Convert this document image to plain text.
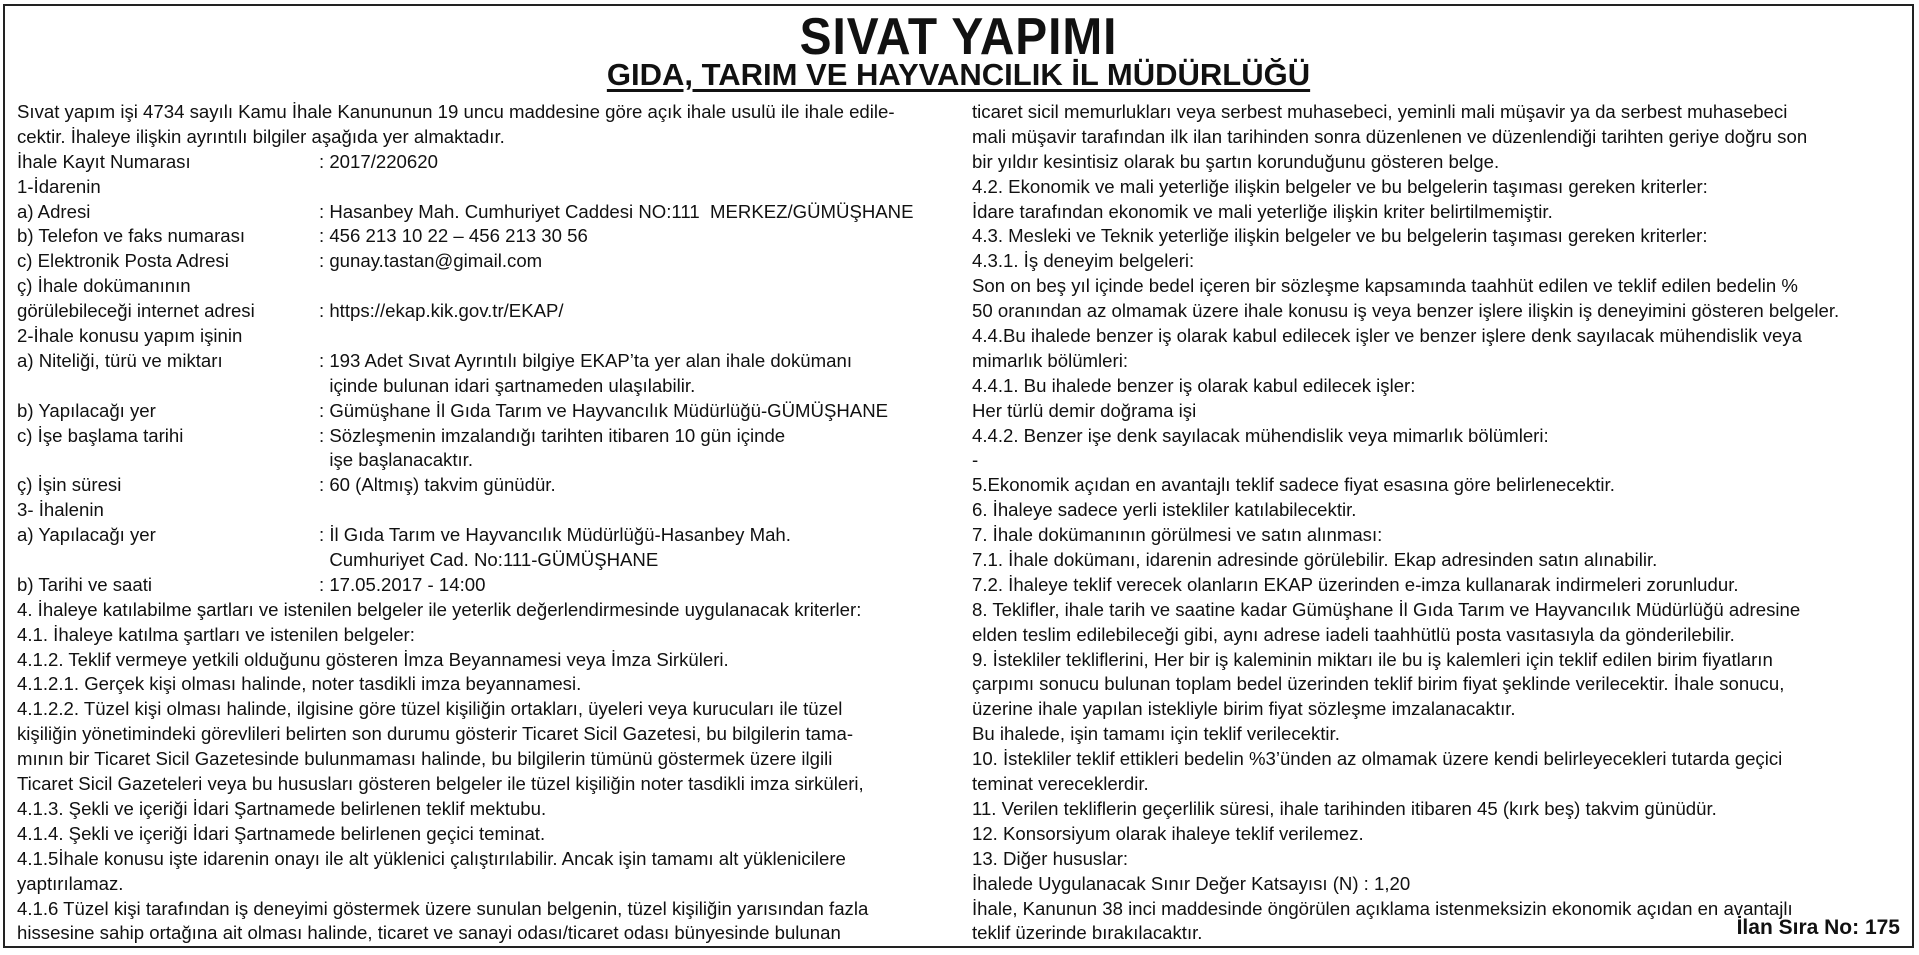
SIVAT YAPIMI
GIDA, TARIM VE HAYVANCILIK İL MÜDÜRLÜĞÜ
Sıvat yapım işi 4734 sayılı Kamu İhale Kanununun 19 uncu maddesine göre açık ihale usulü ile ihale edile-
cektir. İhaleye ilişkin ayrıntılı bilgiler aşağıda yer almaktadır.
İhale Kayıt Numarası	: 2017/220620
1-İdarenin
a) Adresi	: Hasanbey Mah. Cumhuriyet Caddesi NO:111  MERKEZ/GÜMÜŞHANE
b) Telefon ve faks numarası	: 456 213 10 22 – 456 213 30 56
c) Elektronik Posta Adresi	: gunay.tastan@gimail.com
ç) İhale dokümanının
görülebileceği internet adresi	: https://ekap.kik.gov.tr/EKAP/
2-İhale konusu yapım işinin
a) Niteliği, türü ve miktarı	: 193 Adet Sıvat Ayrıntılı bilgiye EKAP’ta yer alan ihale dokümanı
içinde bulunan idari şartnameden ulaşılabilir.
b) Yapılacağı yer	: Gümüşhane İl Gıda Tarım ve Hayvancılık Müdürlüğü-GÜMÜŞHANE
c) İşe başlama tarihi	: Sözleşmenin imzalandığı tarihten itibaren 10 gün içinde
işe başlanacaktır.
ç) İşin süresi	: 60 (Altmış) takvim günüdür.
3- İhalenin
a) Yapılacağı yer	: İl Gıda Tarım ve Hayvancılık Müdürlüğü-Hasanbey Mah.
Cumhuriyet Cad. No:111-GÜMÜŞHANE
b) Tarihi ve saati	: 17.05.2017 - 14:00
4. İhaleye katılabilme şartları ve istenilen belgeler ile yeterlik değerlendirmesinde uygulanacak kriterler:
4.1. İhaleye katılma şartları ve istenilen belgeler:
4.1.2. Teklif vermeye yetkili olduğunu gösteren İmza Beyannamesi veya İmza Sirküleri.
4.1.2.1. Gerçek kişi olması halinde, noter tasdikli imza beyannamesi.
4.1.2.2. Tüzel kişi olması halinde, ilgisine göre tüzel kişiliğin ortakları, üyeleri veya kurucuları ile tüzel
kişiliğin yönetimindeki görevlileri belirten son durumu gösterir Ticaret Sicil Gazetesi, bu bilgilerin tama-
mının bir Ticaret Sicil Gazetesinde bulunmaması halinde, bu bilgilerin tümünü göstermek üzere ilgili
Ticaret Sicil Gazeteleri veya bu hususları gösteren belgeler ile tüzel kişiliğin noter tasdikli imza sirküleri,
4.1.3. Şekli ve içeriği İdari Şartnamede belirlenen teklif mektubu.
4.1.4. Şekli ve içeriği İdari Şartnamede belirlenen geçici teminat.
4.1.5İhale konusu işte idarenin onayı ile alt yüklenici çalıştırılabilir. Ancak işin tamamı alt yüklenicilere
yaptırılamaz.
4.1.6 Tüzel kişi tarafından iş deneyimi göstermek üzere sunulan belgenin, tüzel kişiliğin yarısından fazla
hissesine sahip ortağına ait olması halinde, ticaret ve sanayi odası/ticaret odası bünyesinde bulunan
ticaret sicil memurlukları veya serbest muhasebeci, yeminli mali müşavir ya da serbest muhasebeci
mali müşavir tarafından ilk ilan tarihinden sonra düzenlenen ve düzenlendiği tarihten geriye doğru son
bir yıldır kesintisiz olarak bu şartın korunduğunu gösteren belge.
4.2. Ekonomik ve mali yeterliğe ilişkin belgeler ve bu belgelerin taşıması gereken kriterler:
İdare tarafından ekonomik ve mali yeterliğe ilişkin kriter belirtilmemiştir.
4.3. Mesleki ve Teknik yeterliğe ilişkin belgeler ve bu belgelerin taşıması gereken kriterler:
4.3.1. İş deneyim belgeleri:
Son on beş yıl içinde bedel içeren bir sözleşme kapsamında taahhüt edilen ve teklif edilen bedelin %
50 oranından az olmamak üzere ihale konusu iş veya benzer işlere ilişkin iş deneyimini gösteren belgeler.
4.4.Bu ihalede benzer iş olarak kabul edilecek işler ve benzer işlere denk sayılacak mühendislik veya
mimarlık bölümleri:
4.4.1. Bu ihalede benzer iş olarak kabul edilecek işler:
Her türlü demir doğrama işi
4.4.2. Benzer işe denk sayılacak mühendislik veya mimarlık bölümleri:
-
5.Ekonomik açıdan en avantajlı teklif sadece fiyat esasına göre belirlenecektir.
6. İhaleye sadece yerli istekliler katılabilecektir.
7. İhale dokümanının görülmesi ve satın alınması:
7.1. İhale dokümanı, idarenin adresinde görülebilir. Ekap adresinden satın alınabilir.
7.2. İhaleye teklif verecek olanların EKAP üzerinden e-imza kullanarak indirmeleri zorunludur.
8. Teklifler, ihale tarih ve saatine kadar Gümüşhane İl Gıda Tarım ve Hayvancılık Müdürlüğü adresine
elden teslim edilebileceği gibi, aynı adrese iadeli taahhütlü posta vasıtasıyla da gönderilebilir.
9. İstekliler tekliflerini, Her bir iş kaleminin miktarı ile bu iş kalemleri için teklif edilen birim fiyatların
çarpımı sonucu bulunan toplam bedel üzerinden teklif birim fiyat şeklinde verilecektir. İhale sonucu,
üzerine ihale yapılan istekliyle birim fiyat sözleşme imzalanacaktır.
Bu ihalede, işin tamamı için teklif verilecektir.
10. İstekliler teklif ettikleri bedelin %3’ünden az olmamak üzere kendi belirleyecekleri tutarda geçici
teminat vereceklerdir.
11. Verilen tekliflerin geçerlilik süresi, ihale tarihinden itibaren 45 (kırk beş) takvim günüdür.
12. Konsorsiyum olarak ihaleye teklif verilemez.
13. Diğer hususlar:
İhalede Uygulanacak Sınır Değer Katsayısı (N) : 1,20
İhale, Kanunun 38 inci maddesinde öngörülen açıklama istenmeksizin ekonomik açıdan en avantajlı
teklif üzerinde bırakılacaktır.	İlan Sıra No: 175
